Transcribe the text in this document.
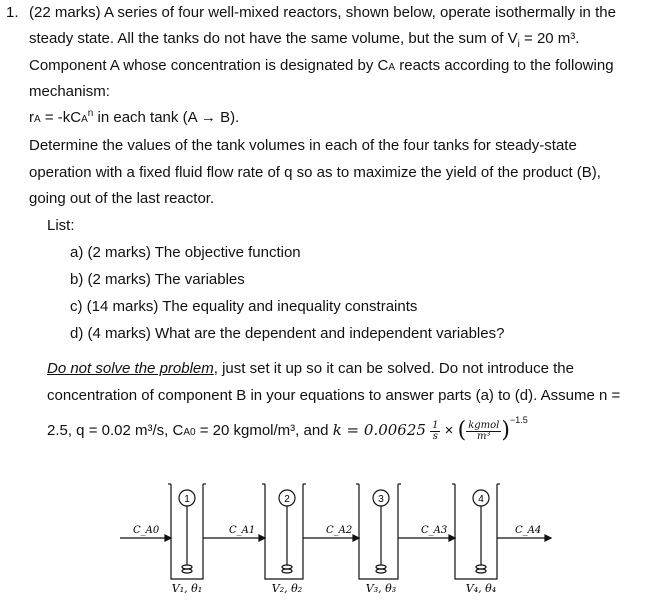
1. (22 marks) A series of four well-mixed reactors, shown below, operate isothermally in the
steady state. All the tanks do not have the same volume, but the sum of $V_i = 20$ m³.
Component A whose concentration is designated by CA reacts according to the following
mechanism:
rA = -kCA$^n$ in each tank (A → B).
Determine the values of the tank volumes in each of the four tanks for steady-state
operation with a fixed fluid flow rate of q so as to maximize the yield of the product (B),
going out of the last reactor.
List:
a) (2 marks) The objective function
b) (2 marks) The variables
c) (14 marks) The equality and inequality constraints
d) (4 marks) What are the dependent and independent variables?
Do not solve the problem, just set it up so it can be solved. Do not introduce the
concentration of component B in your equations to answer parts (a) to (d). Assume n =
2.5, q = 0.02 m³/s, CA0 = 20 kgmol/m³, and $k = 0.00625 \frac{1}{s}$ × ( $\frac{\text{kgmol}}{\text{m³}})^{-1.5}$
1	2	3	4
C_A0	C_A1	C_A2	C_A3	C_A4
V₁, θ₁	V₂, θ₂	V₃, θ₃	V₄, θ₄
